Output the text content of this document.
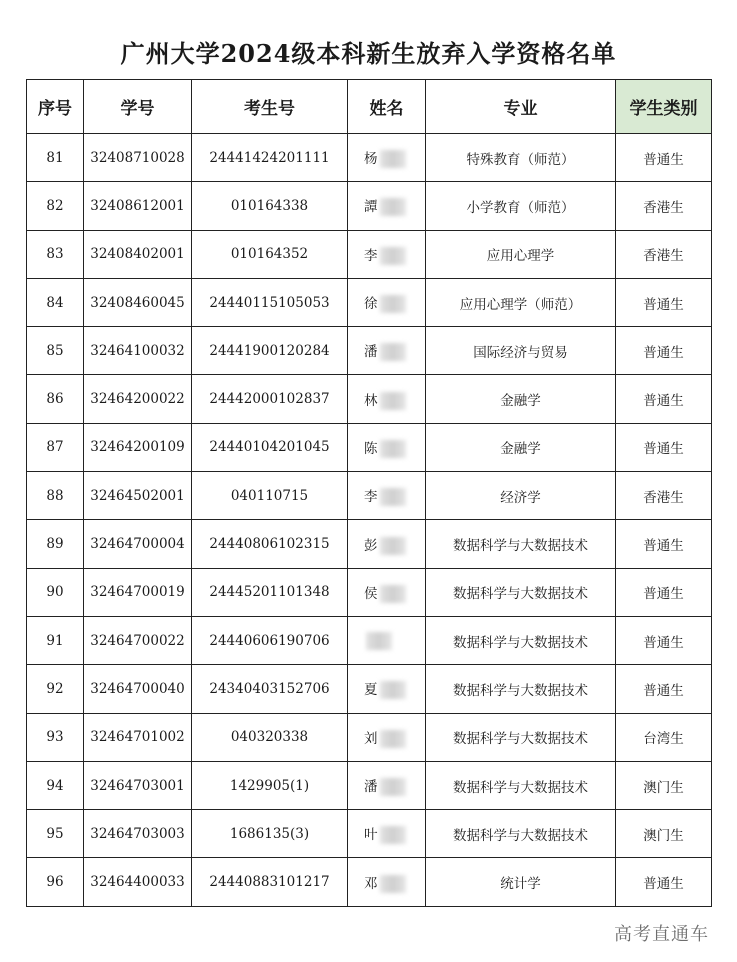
广州大学2024级本科新生放弃入学资格名单
序号	学号	考生号	姓名	专业	学生类别
81	32408710028	24441424201111	杨	特殊教育（师范）	普通生
82	32408612001	010164338	譚	小学教育（师范）	香港生
83	32408402001	010164352	李	应用心理学	香港生
84	32408460045	24440115105053	徐	应用心理学（师范）	普通生
85	32464100032	24441900120284	潘	国际经济与贸易	普通生
86	32464200022	24442000102837	林	金融学	普通生
87	32464200109	24440104201045	陈	金融学	普通生
88	32464502001	040110715	李	经济学	香港生
89	32464700004	24440806102315	彭	数据科学与大数据技术	普通生
90	32464700019	24445201101348	侯	数据科学与大数据技术	普通生
91	32464700022	24440606190706		数据科学与大数据技术	普通生
92	32464700040	24340403152706	夏	数据科学与大数据技术	普通生
93	32464701002	040320338	刘	数据科学与大数据技术	台湾生
94	32464703001	1429905(1)	潘	数据科学与大数据技术	澳门生
95	32464703003	1686135(3)	叶	数据科学与大数据技术	澳门生
96	32464400033	24440883101217	邓	统计学	普通生
高考直通车
